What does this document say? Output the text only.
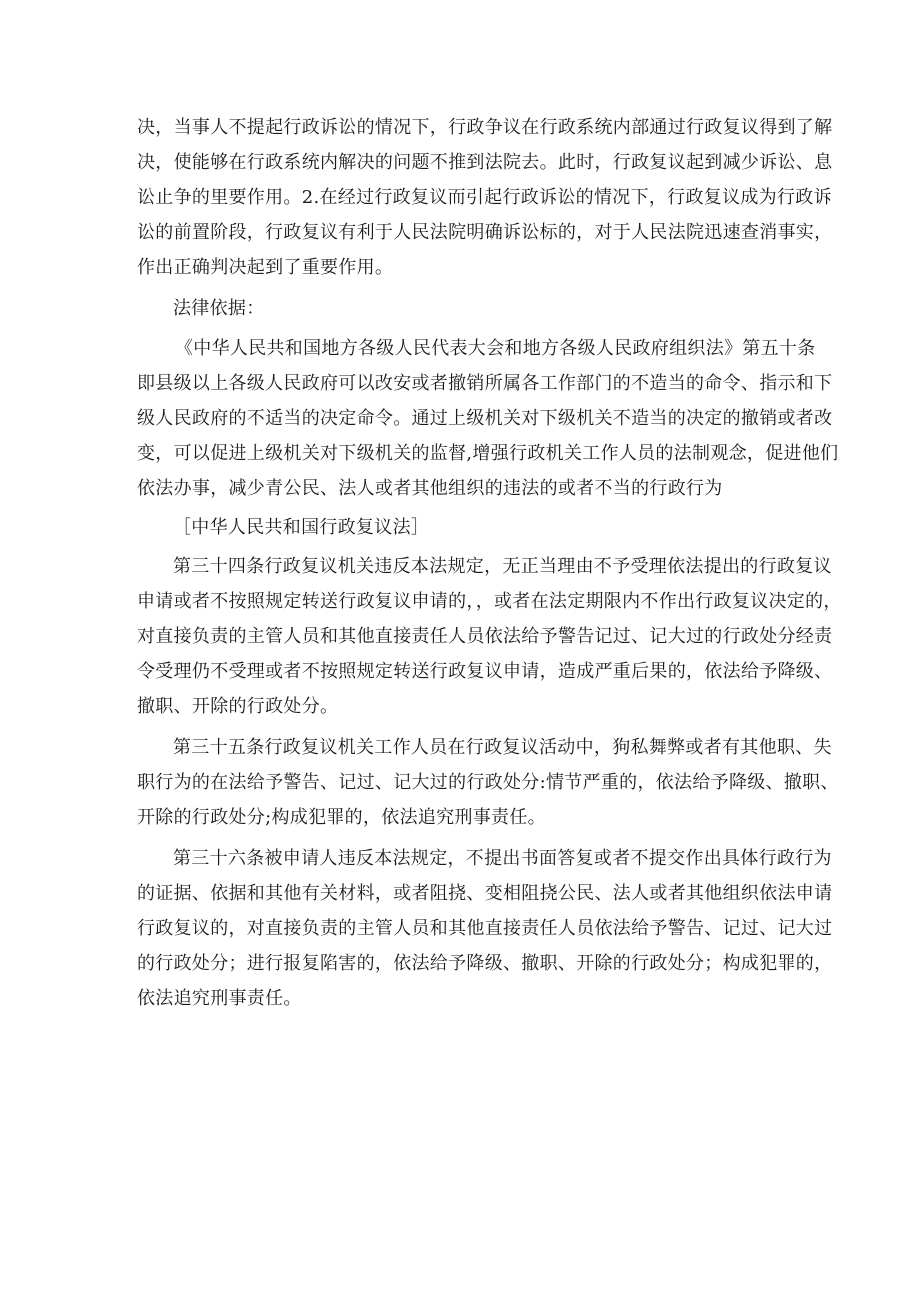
决，当事人不提起行政诉讼的情况下，行政争议在行政系统内部通过行政复议得到了解
决，使能够在行政系统内解决的问题不推到法院去。此时，行政复议起到减少诉讼、息
讼止争的里要作用。2.在经过行政复议而引起行政诉讼的情况下，行政复议成为行政诉
讼的前置阶段，行政复议有利于人民法院明确诉讼标的，对于人民法院迅速查消事实，
作出正确判决起到了重要作用。
法律依据：
《中华人民共和国地方各级人民代表大会和地方各级人民政府组织法》第五十条
即县级以上各级人民政府可以改安或者撤销所属各工作部门的不造当的命令、指示和下
级人民政府的不适当的决定命令。通过上级机关对下级机关不造当的决定的撤销或者改
变，可以促进上级机关对下级机关的监督,增强行政机关工作人员的法制观念，促进他们
依法办事，减少青公民、法人或者其他组织的违法的或者不当的行政行为
［中华人民共和国行政复议法］
第三十四条行政复议机关违反本法规定，无正当理由不予受理依法提出的行政复议
申请或者不按照规定转送行政复议申请的，，或者在法定期限内不作出行政复议决定的，
对直接负责的主管人员和其他直接责任人员依法给予警告记过、记大过的行政处分经责
令受理仍不受理或者不按照规定转送行政复议申请，造成严重后果的，依法给予降级、
撤职、开除的行政处分。
第三十五条行政复议机关工作人员在行政复议活动中，狗私舞弊或者有其他职、失
职行为的在法给予警告、记过、记大过的行政处分:情节严重的，依法给予降级、撤职、
开除的行政处分;构成犯罪的，依法追究刑事责任。
第三十六条被申请人违反本法规定，不提出书面答复或者不提交作出具体行政行为
的证据、依据和其他有关材料，或者阻挠、变相阻挠公民、法人或者其他组织依法申请
行政复议的，对直接负责的主管人员和其他直接责任人员依法给予警告、记过、记大过
的行政处分；进行报复陷害的，依法给予降级、撤职、开除的行政处分；构成犯罪的，
依法追究刑事责任。
